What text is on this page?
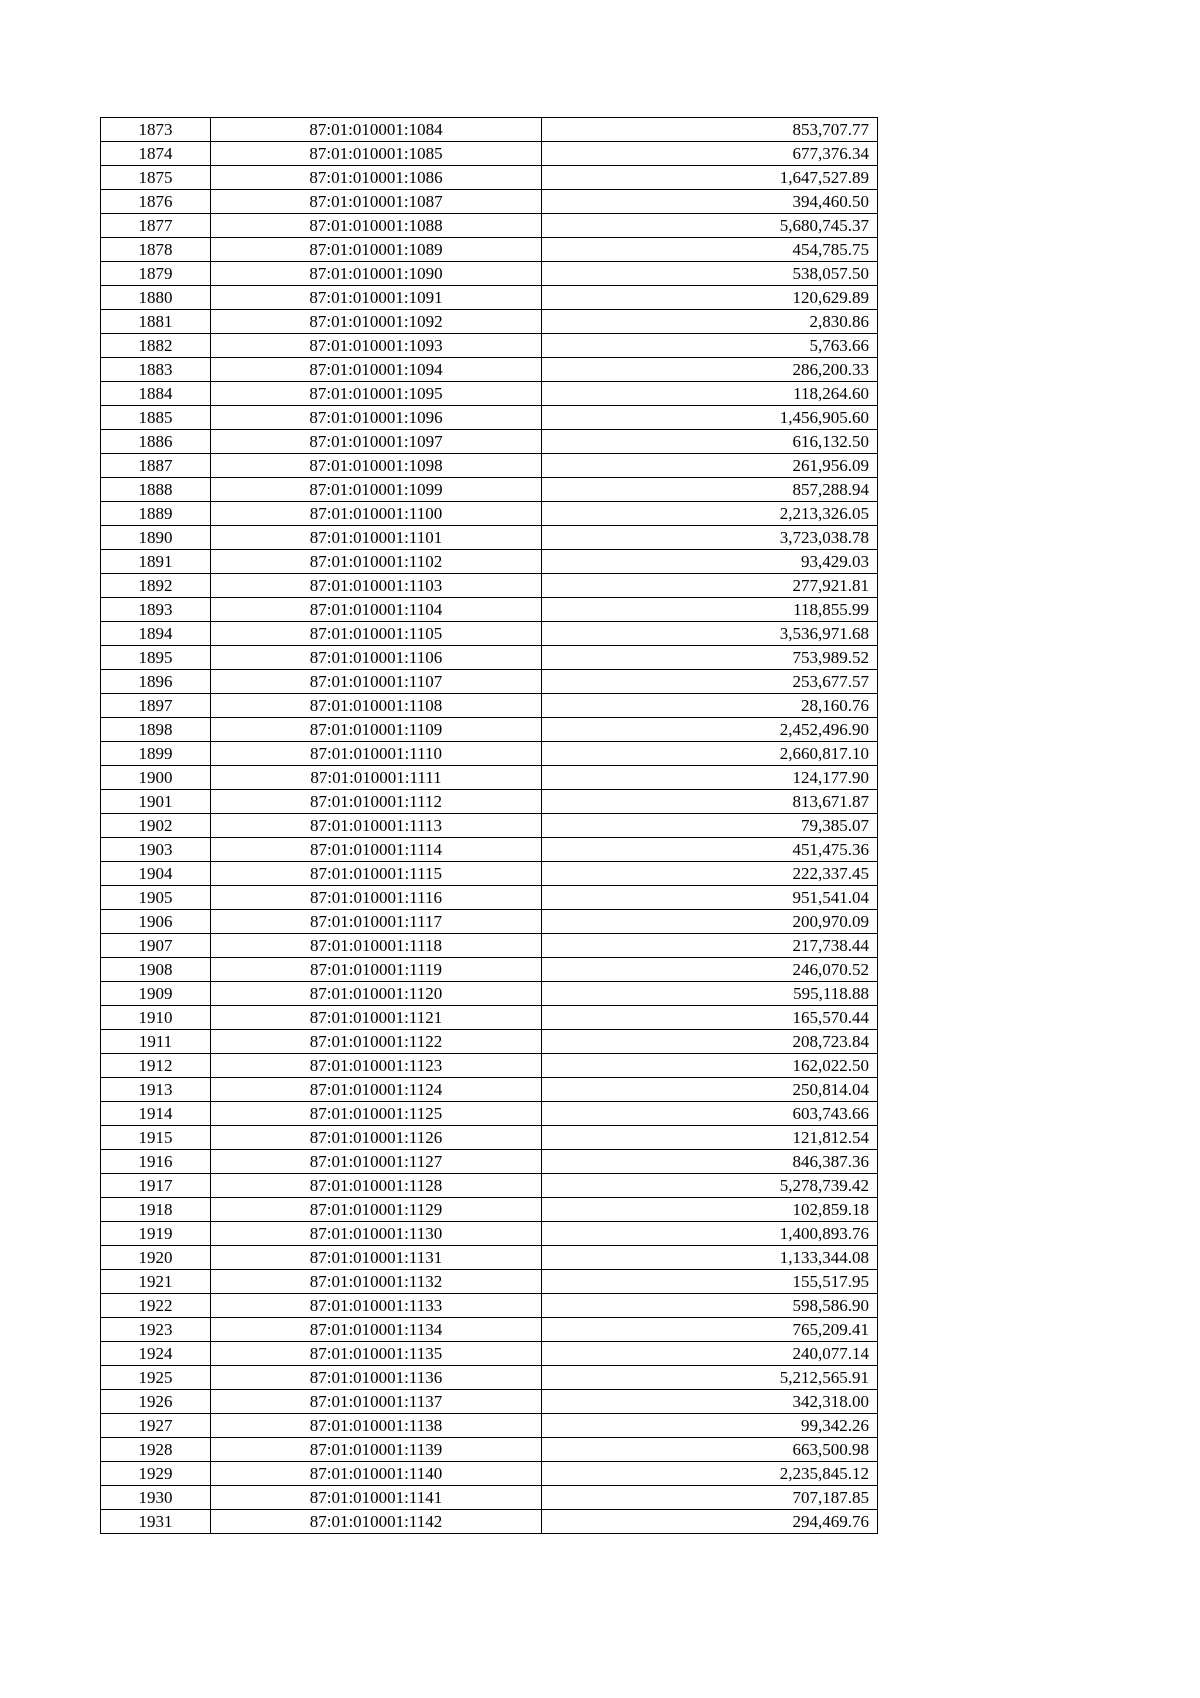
1873	87:01:010001:1084	853,707.77
1874	87:01:010001:1085	677,376.34
1875	87:01:010001:1086	1,647,527.89
1876	87:01:010001:1087	394,460.50
1877	87:01:010001:1088	5,680,745.37
1878	87:01:010001:1089	454,785.75
1879	87:01:010001:1090	538,057.50
1880	87:01:010001:1091	120,629.89
1881	87:01:010001:1092	2,830.86
1882	87:01:010001:1093	5,763.66
1883	87:01:010001:1094	286,200.33
1884	87:01:010001:1095	118,264.60
1885	87:01:010001:1096	1,456,905.60
1886	87:01:010001:1097	616,132.50
1887	87:01:010001:1098	261,956.09
1888	87:01:010001:1099	857,288.94
1889	87:01:010001:1100	2,213,326.05
1890	87:01:010001:1101	3,723,038.78
1891	87:01:010001:1102	93,429.03
1892	87:01:010001:1103	277,921.81
1893	87:01:010001:1104	118,855.99
1894	87:01:010001:1105	3,536,971.68
1895	87:01:010001:1106	753,989.52
1896	87:01:010001:1107	253,677.57
1897	87:01:010001:1108	28,160.76
1898	87:01:010001:1109	2,452,496.90
1899	87:01:010001:1110	2,660,817.10
1900	87:01:010001:1111	124,177.90
1901	87:01:010001:1112	813,671.87
1902	87:01:010001:1113	79,385.07
1903	87:01:010001:1114	451,475.36
1904	87:01:010001:1115	222,337.45
1905	87:01:010001:1116	951,541.04
1906	87:01:010001:1117	200,970.09
1907	87:01:010001:1118	217,738.44
1908	87:01:010001:1119	246,070.52
1909	87:01:010001:1120	595,118.88
1910	87:01:010001:1121	165,570.44
1911	87:01:010001:1122	208,723.84
1912	87:01:010001:1123	162,022.50
1913	87:01:010001:1124	250,814.04
1914	87:01:010001:1125	603,743.66
1915	87:01:010001:1126	121,812.54
1916	87:01:010001:1127	846,387.36
1917	87:01:010001:1128	5,278,739.42
1918	87:01:010001:1129	102,859.18
1919	87:01:010001:1130	1,400,893.76
1920	87:01:010001:1131	1,133,344.08
1921	87:01:010001:1132	155,517.95
1922	87:01:010001:1133	598,586.90
1923	87:01:010001:1134	765,209.41
1924	87:01:010001:1135	240,077.14
1925	87:01:010001:1136	5,212,565.91
1926	87:01:010001:1137	342,318.00
1927	87:01:010001:1138	99,342.26
1928	87:01:010001:1139	663,500.98
1929	87:01:010001:1140	2,235,845.12
1930	87:01:010001:1141	707,187.85
1931	87:01:010001:1142	294,469.76
